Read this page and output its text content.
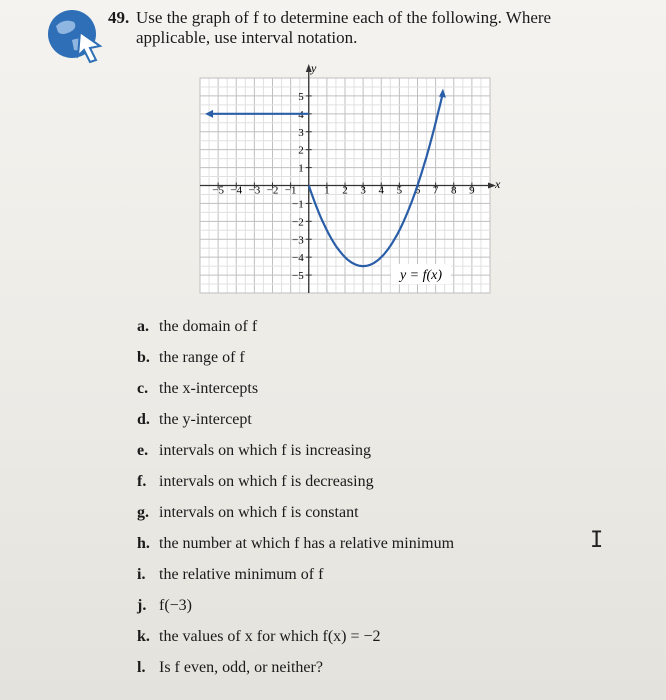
49. Use the graph of f to determine each of the following. Where applicable, use interval notation.
−5 −4 −3 −2 −1	1 2 3 4 5 6 7 8 9
5
4
3
2
1
−1
−2
−3
−4
−5	y = f(x)
y
x
a. the domain of f
b. the range of f
c. the x-intercepts
d. the y-intercept
e. intervals on which f is increasing
f. intervals on which f is decreasing
g. intervals on which f is constant
h. the number at which f has a relative minimum
i. the relative minimum of f
j. f(−3)
k. the values of x for which f(x) = −2
l. Is f even, odd, or neither?
I
